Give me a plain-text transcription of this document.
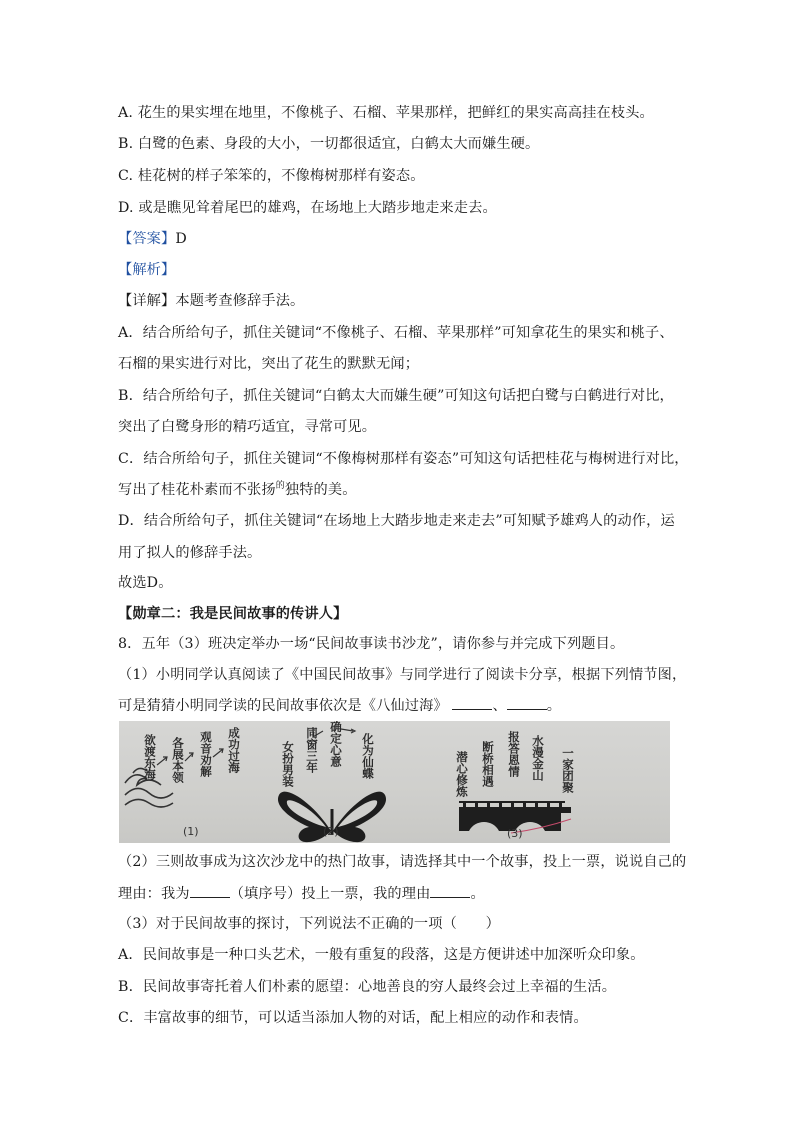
A. 花生的果实埋在地里，不像桃子、石榴、苹果那样，把鲜红的果实高高挂在枝头。
B. 白鹭的色素、身段的大小，一切都很适宜，白鹤太大而嫌生硬。
C. 桂花树的样子笨笨的，不像梅树那样有姿态。
D. 或是瞧见耸着尾巴的雄鸡，在场地上大踏步地走来走去。
【答案】D
【解析】
【详解】本题考查修辞手法。
A．结合所给句子，抓住关键词“不像桃子、石榴、苹果那样”可知拿花生的果实和桃子、
石榴的果实进行对比，突出了花生的默默无闻；
B．结合所给句子，抓住关键词“白鹤太大而嫌生硬”可知这句话把白鹭与白鹤进行对比，
突出了白鹭身形的精巧适宜，寻常可见。
C．结合所给句子，抓住关键词“不像梅树那样有姿态”可知这句话把桂花与梅树进行对比，
写出了桂花朴素而不张扬$^的$独特的美。
D．结合所给句子，抓住关键词“在场地上大踏步地走来走去”可知赋予雄鸡人的动作，运
用了拟人的修辞手法。
故选D。
【勋章二：我是民间故事的传讲人】
8．五年（3）班决定举办一场“民间故事读书沙龙”，请你参与并完成下列题目。
（1）小明同学认真阅读了《中国民间故事》与同学进行了阅读卡分享，根据下列情节图，
可是猜猜小明同学读的民间故事依次是《八仙过海》	、	。
欲渡东海 各展本领 观音劝解 成功过海
(1)
女扮男装 同窗三年 确定心意 化为仙蝶
(2)
潜心修炼 断桥相遇 报答恩情 水漫金山 一家团聚
(3)
（2）三则故事成为这次沙龙中的热门故事，请选择其中一个故事，投上一票，说说自己的
理由：我为	（填序号）投上一票，我的理由	。
（3）对于民间故事的探讨，下列说法不正确的一项（　　）
A．民间故事是一种口头艺术，一般有重复的段落，这是方便讲述中加深听众印象。
B．民间故事寄托着人们朴素的愿望：心地善良的穷人最终会过上幸福的生活。
C．丰富故事的细节，可以适当添加人物的对话，配上相应的动作和表情。
